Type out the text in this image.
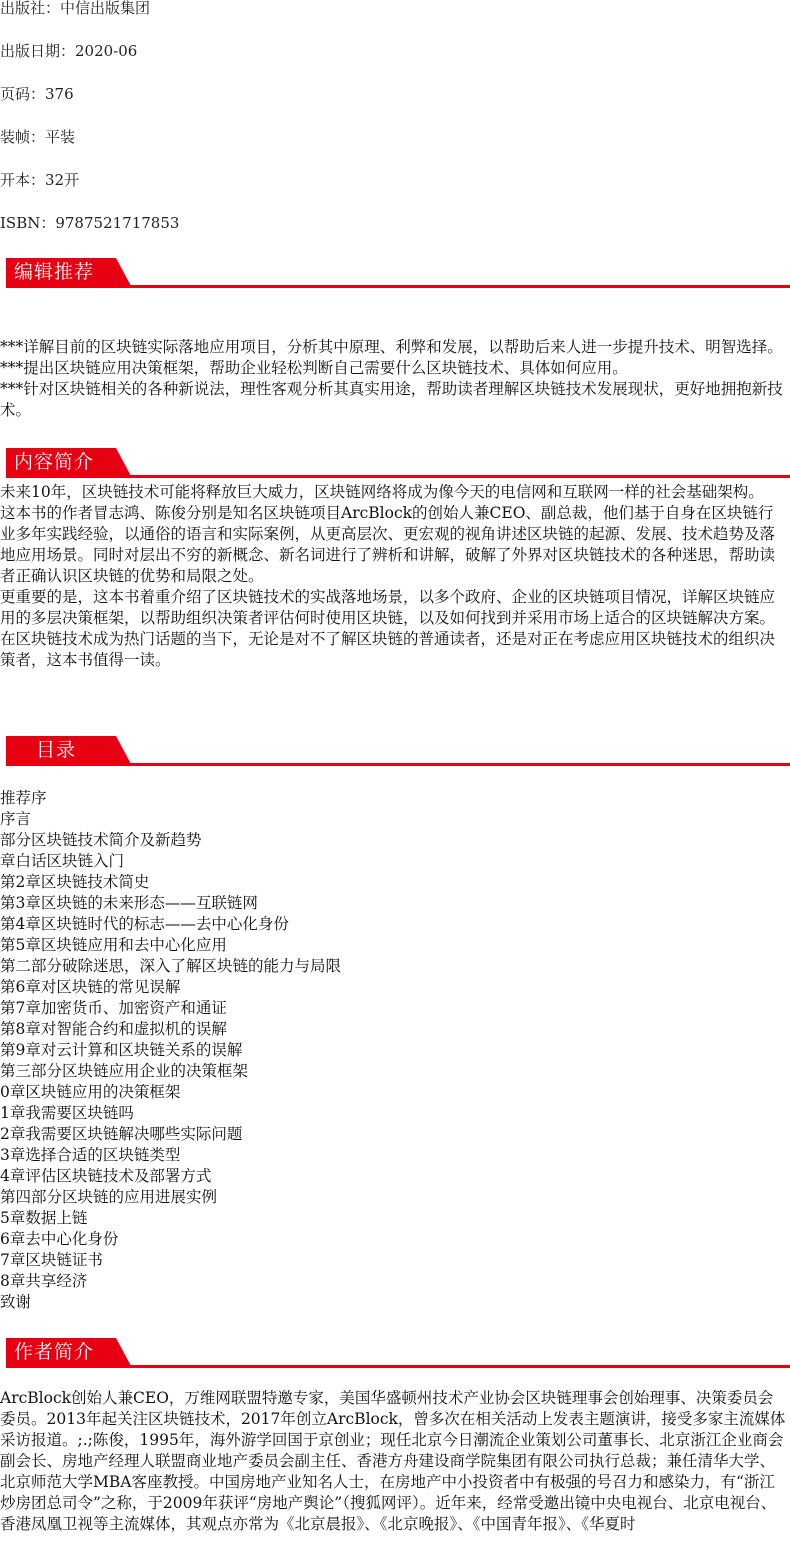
出版社：中信出版集团
出版日期：2020-06
页码：376
装帧：平装
开本：32开
ISBN：9787521717853
编辑推荐

***详解目前的区块链实际落地应用项目，分析其中原理、利弊和发展，以帮助后来人进一步提升技术、明智选择。

***提出区块链应用决策框架，帮助企业轻松判断自己需要什么区块链技术、具体如何应用。

***针对区块链相关的各种新说法，理性客观分析其真实用途，帮助读者理解区块链技术发展现状，更好地拥抱新技术。

内容简介

未来10年，区块链技术可能将释放巨大威力，区块链网络将成为像今天的电信网和互联网一样的社会基础架构。

这本书的作者冒志鸿、陈俊分别是知名区块链项目ArcBlock的创始人兼CEO、副总裁，他们基于自身在区块链行业多年实践经验，以通俗的语言和实际案例，从更高层次、更宏观的视角讲述区块链的起源、发展、技术趋势及落地应用场景。同时对层出不穷的新概念、新名词进行了辨析和讲解，破解了外界对区块链技术的各种迷思，帮助读者正确认识区块链的优势和局限之处。

更重要的是，这本书着重介绍了区块链技术的实战落地场景，以多个政府、企业的区块链项目情况，详解区块链应用的多层决策框架，以帮助组织决策者评估何时使用区块链，以及如何找到并采用市场上适合的区块链解决方案。

在区块链技术成为热门话题的当下，无论是对不了解区块链的普通读者，还是对正在考虑应用区块链技术的组织决策者，这本书值得一读。

目录

推荐序

序言

部分区块链技术简介及新趋势

章白话区块链入门

第2章区块链技术简史

第3章区块链的未来形态——互联链网

第4章区块链时代的标志——去中心化身份

第5章区块链应用和去中心化应用

第二部分破除迷思，深入了解区块链的能力与局限

第6章对区块链的常见误解

第7章加密货币、加密资产和通证

第8章对智能合约和虚拟机的误解

第9章对云计算和区块链关系的误解

第三部分区块链应用企业的决策框架

0章区块链应用的决策框架

1章我需要区块链吗

2章我需要区块链解决哪些实际问题

3章选择合适的区块链类型

4章评估区块链技术及部署方式

第四部分区块链的应用进展实例

5章数据上链

6章去中心化身份

7章区块链证书

8章共享经济

致谢

作者简介

ArcBlock创始人兼CEO，万维网联盟特邀专家，美国华盛顿州技术产业协会区块链理事会创始理事、决策委员会委员。2013年起关注区块链技术，2017年创立ArcBlock，曾多次在相关活动上发表主题演讲，接受多家主流媒体采访报道。;.;陈俊，1995年，海外游学回国于京创业；现任北京今日潮流企业策划公司董事长、北京浙江企业商会副会长、房地产经理人联盟商业地产委员会副主任、香港方舟建设商学院集团有限公司执行总裁；兼任清华大学、北京师范大学MBA客座教授。中国房地产业知名人士，在房地产中小投资者中有极强的号召力和感染力，有“浙江炒房团总司令”之称，于2009年获评“房地产舆论”（搜狐网评）。近年来，经常受邀出镜中央电视台、北京电视台、香港凤凰卫视等主流媒体，其观点亦常为《北京晨报》、《北京晚报》、《中国青年报》、《华夏时
